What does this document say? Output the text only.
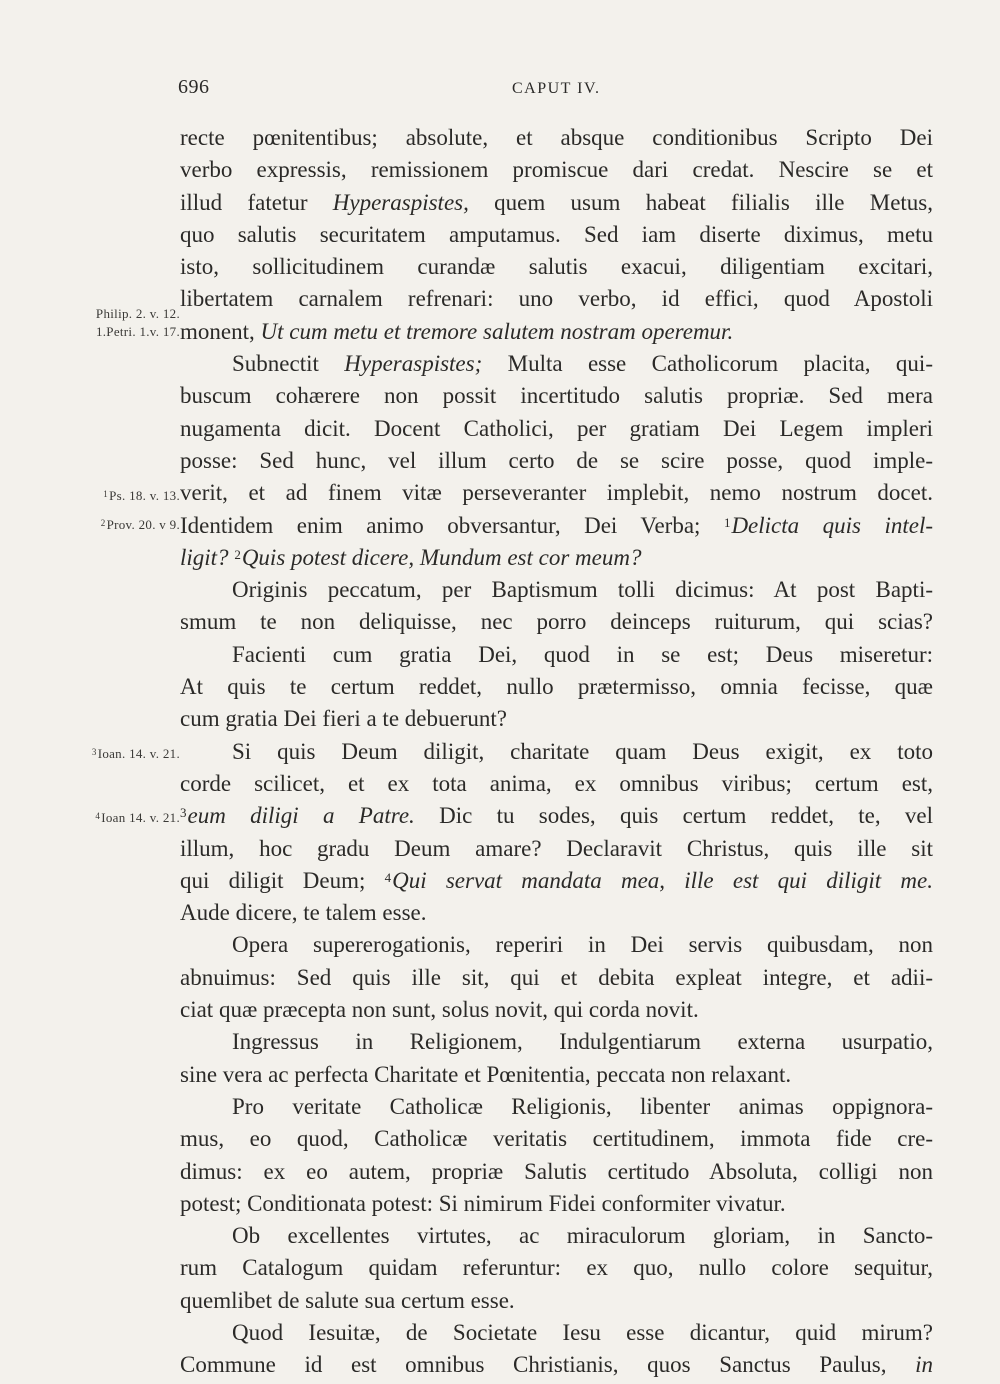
696	CAPUT IV.
Philip. 2. v. 12.
1.Petri. 1.v. 17.
$^1$Ps. 18. v. 13.
$^2$Prov. 20. v 9.
$^3$Ioan. 14. v. 21.
$^4$Ioan 14. v. 21.
recte pœnitentibus; absolute, et absque conditionibus Scripto Dei
verbo expressis, remissionem promiscue dari credat. Nescire se et
illud fatetur Hyperaspistes, quem usum habeat filialis ille Metus,
quo salutis securitatem amputamus. Sed iam diserte diximus, metu
isto, sollicitudinem curandæ salutis exacui, diligentiam excitari,
libertatem carnalem refrenari: uno verbo, id effici, quod Apostoli
monent, Ut cum metu et tremore salutem nostram operemur.
Subnectit Hyperaspistes; Multa esse Catholicorum placita, qui-
buscum cohærere non possit incertitudo salutis propriæ. Sed mera
nugamenta dicit. Docent Catholici, per gratiam Dei Legem impleri
posse: Sed hunc, vel illum certo de se scire posse, quod imple-
verit, et ad finem vitæ perseveranter implebit, nemo nostrum docet.
Identidem enim animo obversantur, Dei Verba; $^1$Delicta quis intel-
ligit? $^2$Quis potest dicere, Mundum est cor meum?
Originis peccatum, per Baptismum tolli dicimus: At post Bapti-
smum te non deliquisse, nec porro deinceps ruiturum, qui scias?
Facienti cum gratia Dei, quod in se est; Deus miseretur:
At quis te certum reddet, nullo prætermisso, omnia fecisse, quæ
cum gratia Dei fieri a te debuerunt?
Si quis Deum diligit, charitate quam Deus exigit, ex toto
corde scilicet, et ex tota anima, ex omnibus viribus; certum est,
$^3$eum diligi a Patre. Dic tu sodes, quis certum reddet, te, vel
illum, hoc gradu Deum amare? Declaravit Christus, quis ille sit
qui diligit Deum; $^4$Qui servat mandata mea, ille est qui diligit me.
Aude dicere, te talem esse.
Opera supererogationis, reperiri in Dei servis quibusdam, non
abnuimus: Sed quis ille sit, qui et debita expleat integre, et adii-
ciat quæ præcepta non sunt, solus novit, qui corda novit.
Ingressus in Religionem, Indulgentiarum externa usurpatio,
sine vera ac perfecta Charitate et Pœnitentia, peccata non relaxant.
Pro veritate Catholicæ Religionis, libenter animas oppignora-
mus, eo quod, Catholicæ veritatis certitudinem, immota fide cre-
dimus: ex eo autem, propriæ Salutis certitudo Absoluta, colligi non
potest; Conditionata potest: Si nimirum Fidei conformiter vivatur.
Ob excellentes virtutes, ac miraculorum gloriam, in Sancto-
rum Catalogum quidam referuntur: ex quo, nullo colore sequitur,
quemlibet de salute sua certum esse.
Quod Iesuitæ, de Societate Iesu esse dicantur, quid mirum?
Commune id est omnibus Christianis, quos Sanctus Paulus, in
